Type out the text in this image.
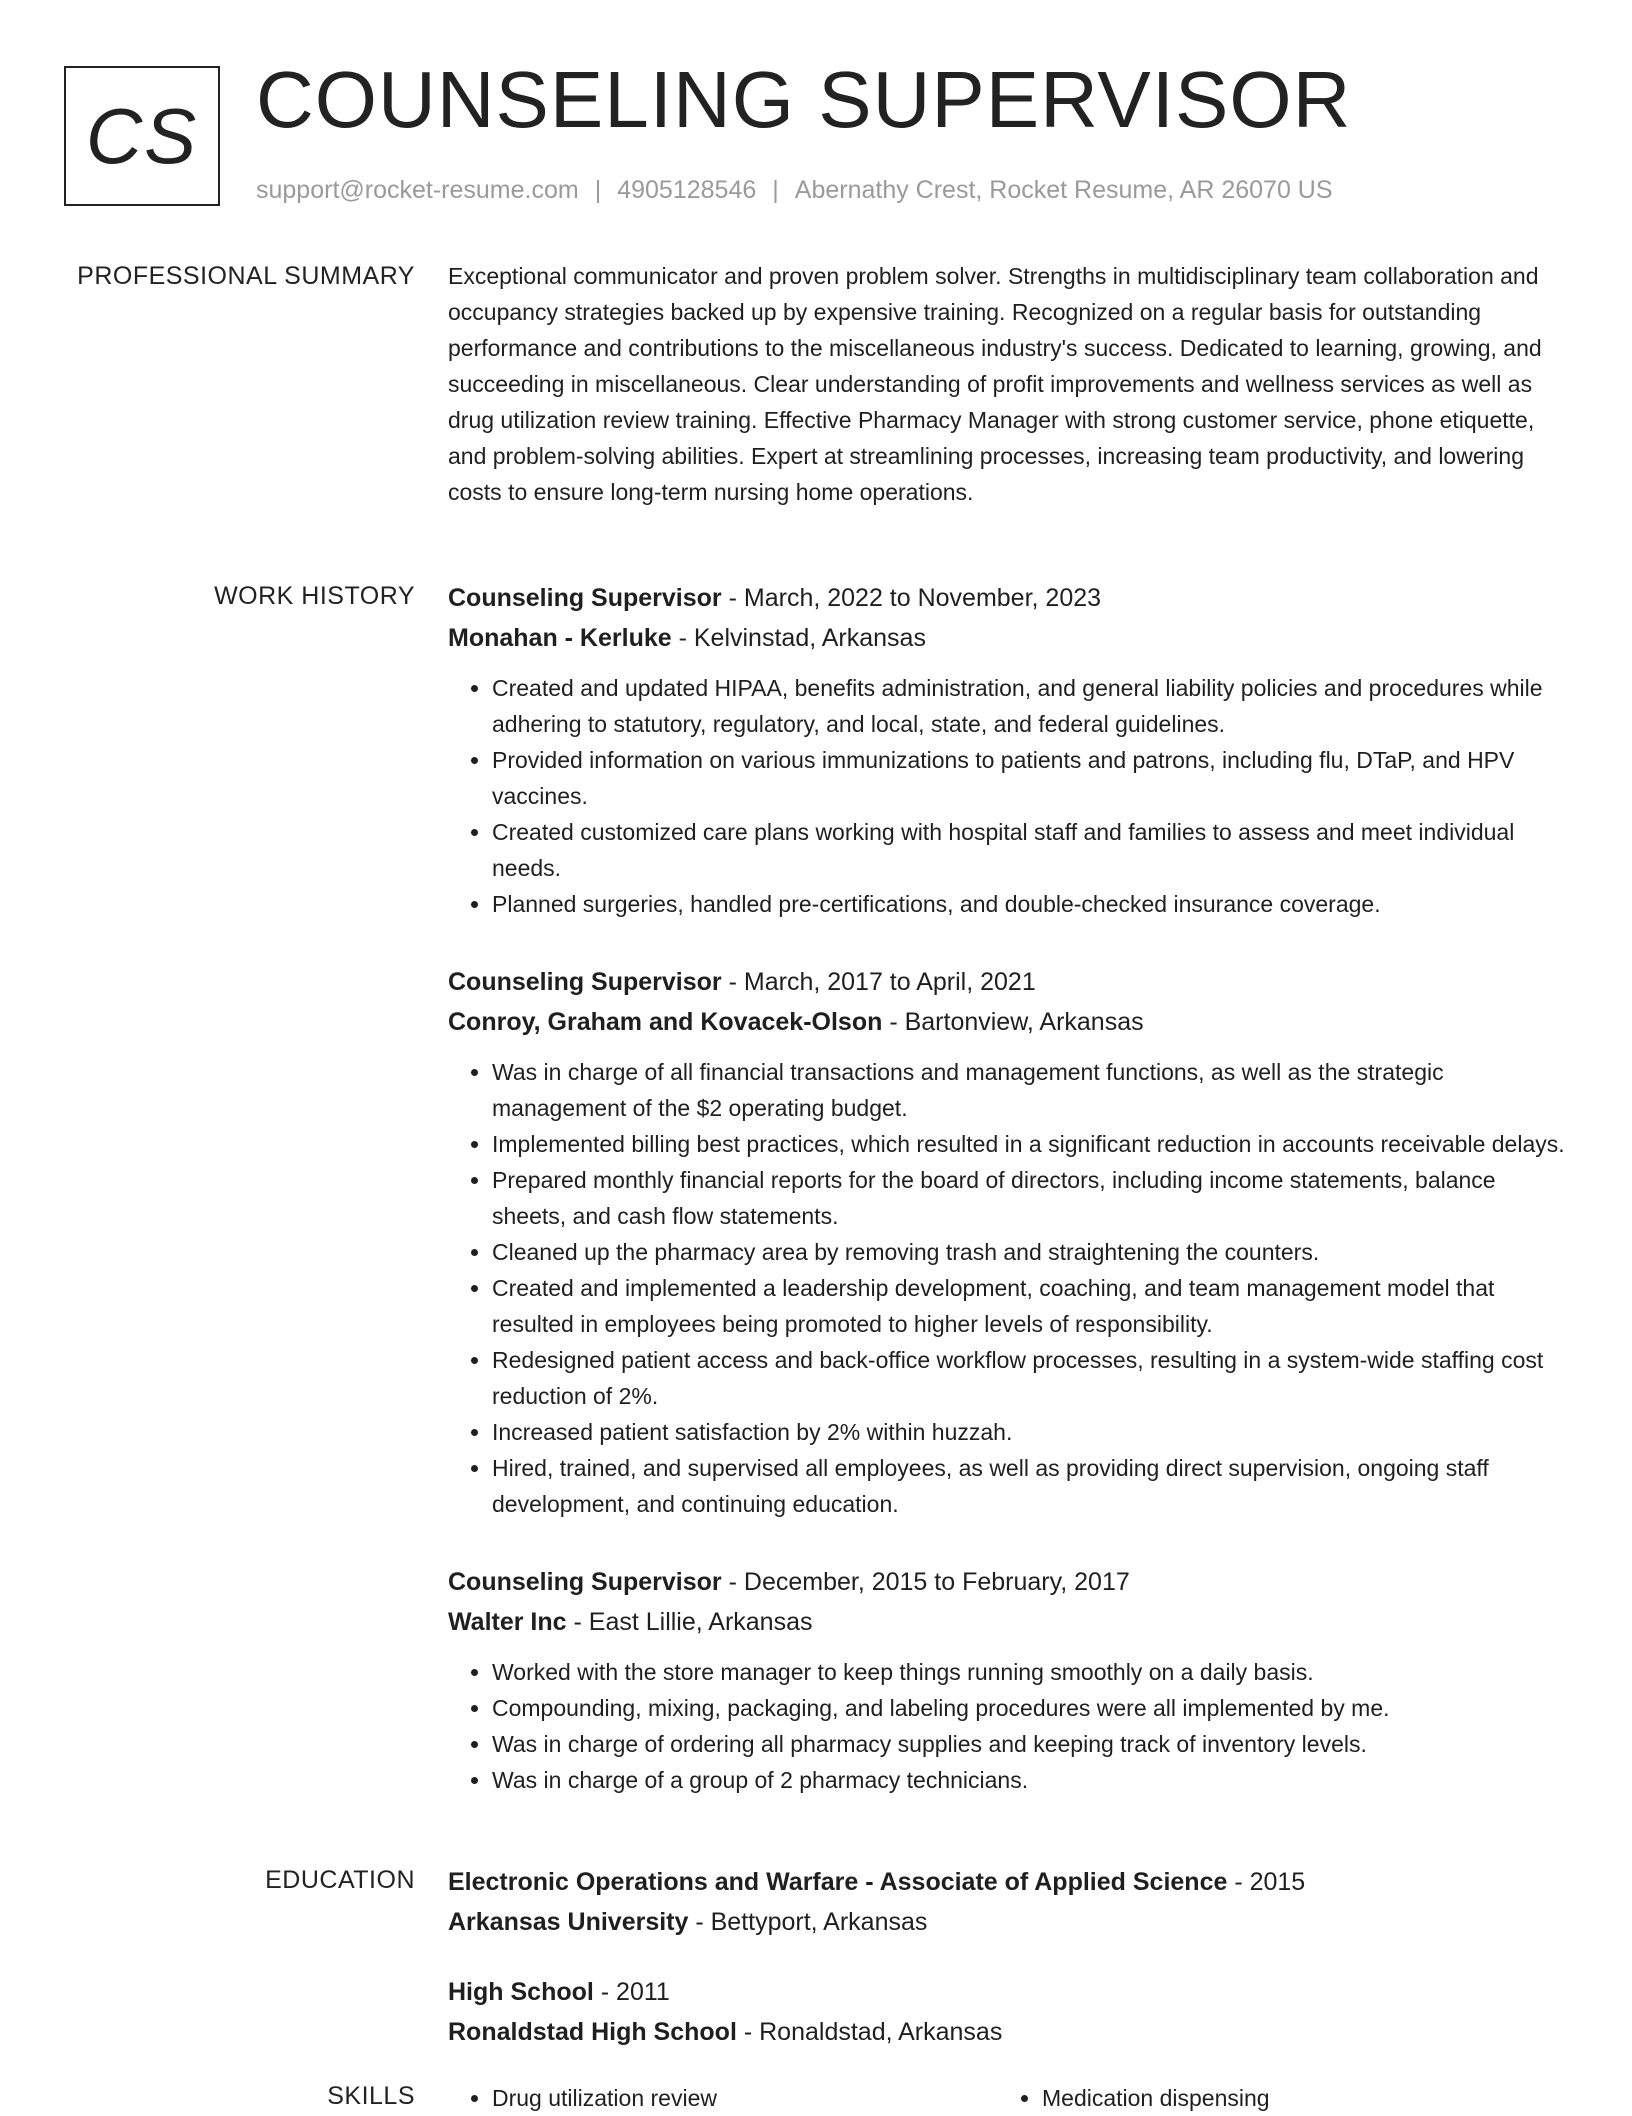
CS COUNSELING SUPERVISOR
support@rocket-resume.com | 4905128546 | Abernathy Crest, Rocket Resume, AR 26070 US
PROFESSIONAL SUMMARY Exceptional communicator and proven problem solver. Strengths in multidisciplinary team collaboration and occupancy strategies backed up by expensive training. Recognized on a regular basis for outstanding performance and contributions to the miscellaneous industry's success. Dedicated to learning, growing, and succeeding in miscellaneous. Clear understanding of profit improvements and wellness services as well as drug utilization review training. Effective Pharmacy Manager with strong customer service, phone etiquette, and problem-solving abilities. Expert at streamlining processes, increasing team productivity, and lowering costs to ensure long-term nursing home operations.

WORK HISTORY Counseling Supervisor - March, 2022 to November, 2023
Monahan - Kerluke - Kelvinstad, Arkansas
• Created and updated HIPAA, benefits administration, and general liability policies and procedures while adhering to statutory, regulatory, and local, state, and federal guidelines.
• Provided information on various immunizations to patients and patrons, including flu, DTaP, and HPV vaccines.
• Created customized care plans working with hospital staff and families to assess and meet individual needs.
• Planned surgeries, handled pre-certifications, and double-checked insurance coverage.
Counseling Supervisor - March, 2017 to April, 2021
Conroy, Graham and Kovacek-Olson - Bartonview, Arkansas
• Was in charge of all financial transactions and management functions, as well as the strategic management of the $2 operating budget.
• Implemented billing best practices, which resulted in a significant reduction in accounts receivable delays.
• Prepared monthly financial reports for the board of directors, including income statements, balance sheets, and cash flow statements.
• Cleaned up the pharmacy area by removing trash and straightening the counters.
• Created and implemented a leadership development, coaching, and team management model that resulted in employees being promoted to higher levels of responsibility.
• Redesigned patient access and back-office workflow processes, resulting in a system-wide staffing cost reduction of 2%.
• Increased patient satisfaction by 2% within huzzah.
• Hired, trained, and supervised all employees, as well as providing direct supervision, ongoing staff development, and continuing education.
Counseling Supervisor - December, 2015 to February, 2017
Walter Inc - East Lillie, Arkansas
• Worked with the store manager to keep things running smoothly on a daily basis.
• Compounding, mixing, packaging, and labeling procedures were all implemented by me.
• Was in charge of ordering all pharmacy supplies and keeping track of inventory levels.
• Was in charge of a group of 2 pharmacy technicians.
EDUCATION Electronic Operations and Warfare - Associate of Applied Science - 2015
Arkansas University - Bettyport, Arkansas
High School - 2011
Ronaldstad High School - Ronaldstad, Arkansas
SKILLS	• Drug utilization review	• Medication dispensing
